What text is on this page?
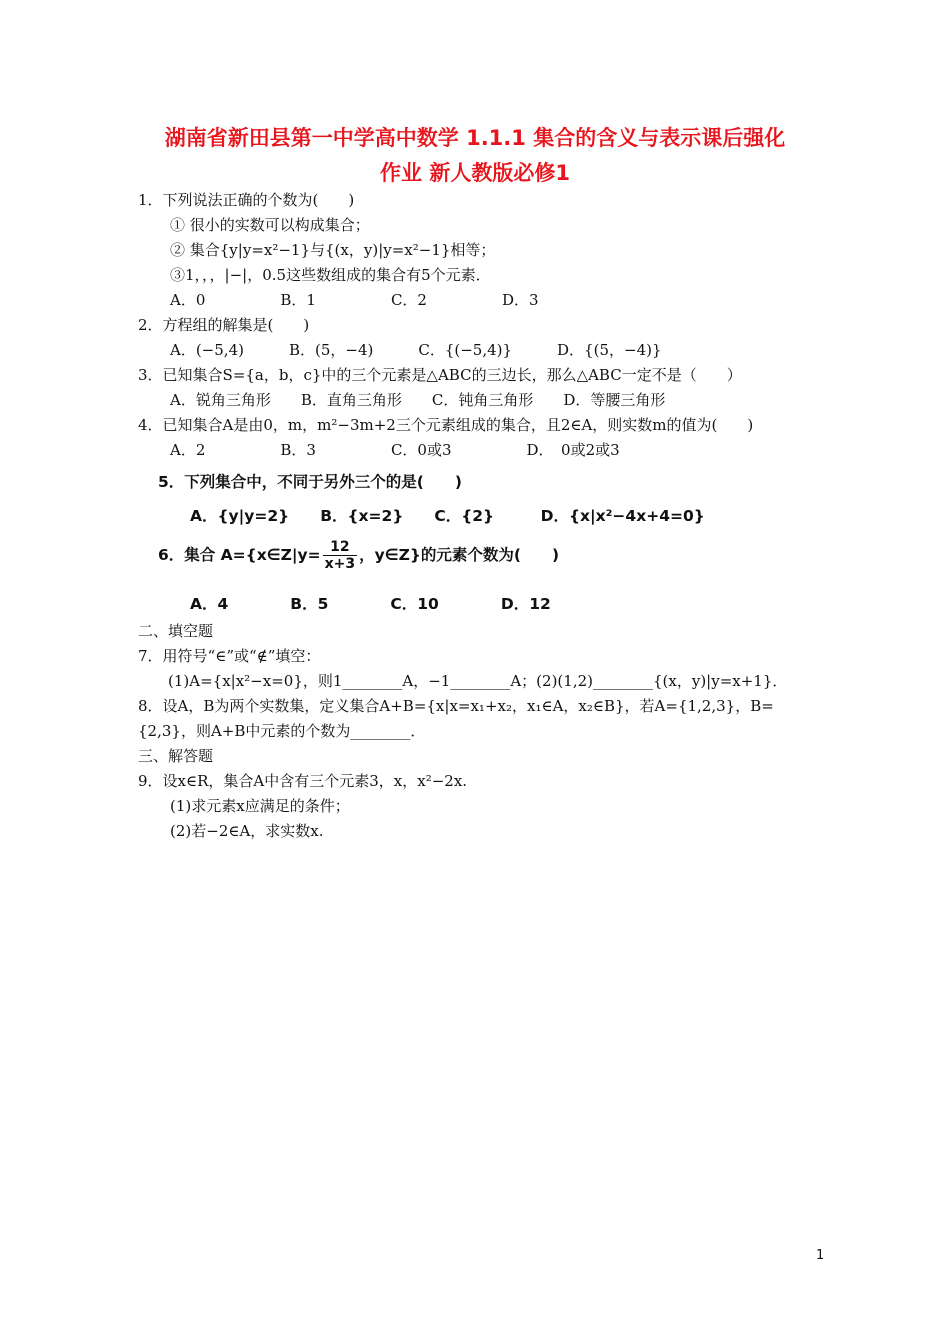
湖南省新田县第一中学高中数学 1.1.1 集合的含义与表示课后强化
作业 新人教版必修1
1．下列说法正确的个数为(　　)
① 很小的实数可以构成集合；
② 集合{y|y=x²−1}与{(x，y)|y=x²−1}相等；
③1，，，|−|，0.5这些数组成的集合有5个元素．
A．0　　　　　B．1　　　　　C．2　　　　　D．3
2．方程组的解集是(　　)
A．(−5,4)　　　B．(5，−4)　　　C．{(−5,4)}　　　D．{(5，−4)}
3．已知集合S={a，b，c}中的三个元素是△ABC的三边长，那么△ABC一定不是（　　）
A．锐角三角形　　B．直角三角形　　C．钝角三角形　　D．等腰三角形
4．已知集合A是由0，m，m²−3m+2三个元素组成的集合，且2∈A，则实数m的值为(　　)
A．2　　　　　B．3　　　　　C．0或3　　　　　D．　0或2或3
5．下列集合中，不同于另外三个的是(　　)
A．{y|y=2}　　B．{x=2}　　C．{2}　　　D．{x|x²−4x+4=0}
6．集合 A={x∈Z|y= $\frac{12}{x+3}$ ，y∈Z}的元素个数为(　　)
A．4　　　　B．5　　　　C．10　　　　D．12
二、填空题
7．用符号“∈”或“∉”填空：
(1)A={x|x²−x=0}，则1________A，−1________A；(2)(1,2)________{(x，y)|y=x+1}．
8．设A，B为两个实数集，定义集合A+B={x|x=x₁+x₂，x₁∈A，x₂∈B}，若A={1,2,3}，B=
{2,3}，则A+B中元素的个数为________．
三、解答题
9．设x∈R，集合A中含有三个元素3，x，x²−2x.
(1)求元素x应满足的条件；
(2)若−2∈A，求实数x.
1
